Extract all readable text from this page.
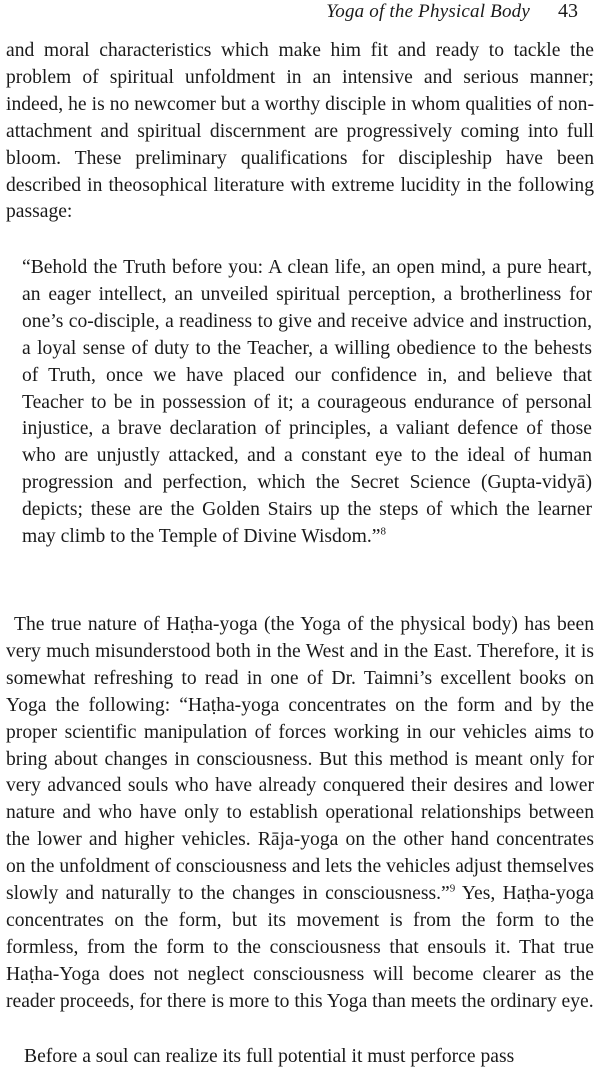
Yoga of the Physical Body 43

and moral characteristics which make him fit and ready to tackle the problem of spiritual unfoldment in an intensive and serious manner; indeed, he is no newcomer but a worthy disciple in whom qualities of non-attachment and spiritual discernment are progressively coming into full bloom. These preliminary qualifications for discipleship have been described in theosophical literature with extreme lucidity in the following passage:

“Behold the Truth before you: A clean life, an open mind, a pure heart, an eager intellect, an unveiled spiritual perception, a brotherliness for one’s co-disciple, a readiness to give and receive advice and instruction, a loyal sense of duty to the Teacher, a willing obedience to the behests of Truth, once we have placed our confidence in, and believe that Teacher to be in possession of it; a courageous endurance of personal injustice, a brave declaration of principles, a valiant defence of those who are unjustly attacked, and a constant eye to the ideal of human progression and perfection, which the Secret Science (Gupta-vidyā) depicts; these are the Golden Stairs up the steps of which the learner may climb to the Temple of Divine Wisdom.”$^8$

The true nature of Haṭha-yoga (the Yoga of the physical body) has been very much misunderstood both in the West and in the East. Therefore, it is somewhat refreshing to read in one of Dr. Taimni’s excellent books on Yoga the following: “Haṭha-yoga concentrates on the form and by the proper scientific manipulation of forces working in our vehicles aims to bring about changes in consciousness. But this method is meant only for very advanced souls who have already conquered their desires and lower nature and who have only to establish operational relationships between the lower and higher vehicles. Rāja-yoga on the other hand concentrates on the unfoldment of consciousness and lets the vehicles adjust themselves slowly and naturally to the changes in consciousness.”$^9$ Yes, Haṭha-yoga concentrates on the form, but its movement is from the form to the formless, from the form to the consciousness that ensouls it. That true Haṭha-Yoga does not neglect consciousness will become clearer as the reader proceeds, for there is more to this Yoga than meets the ordinary eye.

Before a soul can realize its full potential it must perforce pass
